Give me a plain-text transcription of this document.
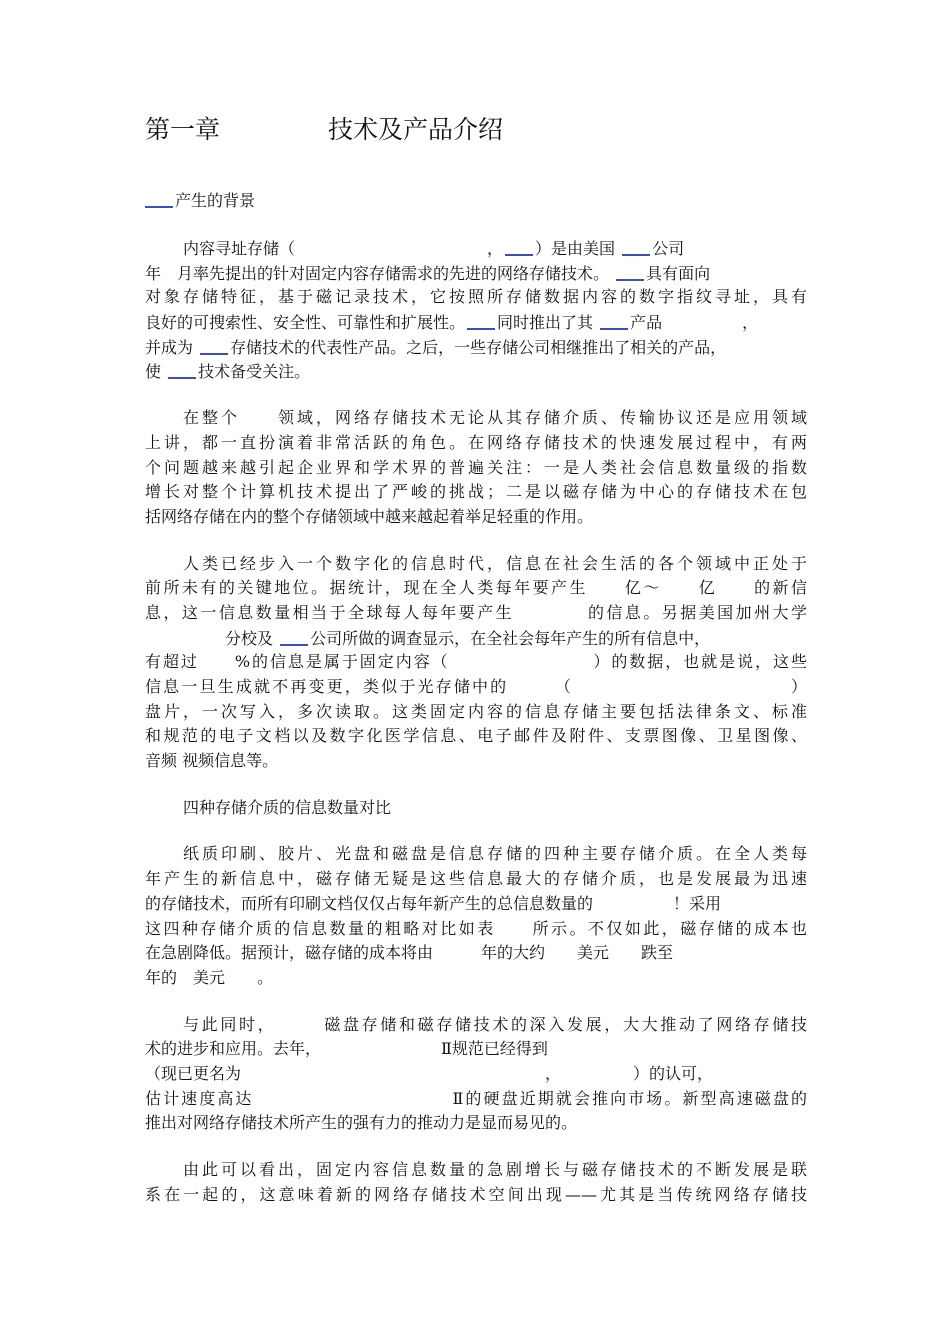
第一章 　　　　技术及产品介绍
产生的背景
内容寻址存储（　　　　　　　　　　　　， ）是由美国 公司
年　月率先提出的针对固定内容存储需求的先进的网络存储技术。 具有面向
对象存储特征，基于磁记录技术，它按照所存储数据内容的数字指纹寻址，具有
良好的可搜索性、安全性、可靠性和扩展性。 同时推出了其 产品　　　　　，
并成为 存储技术的代表性产品。之后，一些存储公司相继推出了相关的产品，
使 技术备受关注。
在整个　　领域，网络存储技术无论从其存储介质、传输协议还是应用领域
上讲，都一直扮演着非常活跃的角色。在网络存储技术的快速发展过程中，有两
个问题越来越引起企业界和学术界的普遍关注：一是人类社会信息数量级的指数
增长对整个计算机技术提出了严峻的挑战；二是以磁存储为中心的存储技术在包
括网络存储在内的整个存储领域中越来越起着举足轻重的作用。
人类已经步入一个数字化的信息时代，信息在社会生活的各个领域中正处于
前所未有的关键地位。据统计，现在全人类每年要产生　　亿～　　亿　　的新信
息，这一信息数量相当于全球每人每年要产生　　　　的信息。另据美国加州大学
　　　　　分校及 公司所做的调查显示，在全社会每年产生的所有信息中，
有超过　　%的信息是属于固定内容（　　　　　　　　）的数据，也就是说，这些
信息一旦生成就不再变更，类似于光存储中的　　　（　　　　　　　　　　　　）
盘片，一次写入，多次读取。这类固定内容的信息存储主要包括法律条文、标准
和规范的电子文档以及数字化医学信息、电子邮件及附件、支票图像、卫星图像、
音频 视频信息等。
四种存储介质的信息数量对比
纸质印刷、胶片、光盘和磁盘是信息存储的四种主要存储介质。在全人类每
年产生的新信息中，磁存储无疑是这些信息最大的存储介质，也是发展最为迅速
的存储技术，而所有印刷文档仅仅占每年新产生的总信息数量的　　　　　！采用
这四种存储介质的信息数量的粗略对比如表　　所示。不仅如此，磁存储的成本也
在急剧降低。据预计，磁存储的成本将由　　　年的大约　　美元　　跌至
年的　美元　　。
与此同时，　　　磁盘存储和磁存储技术的深入发展，大大推动了网络存储技
术的进步和应用。去年，　　　　　　　　Ⅱ规范已经得到
（现已更名为　　　　　　　　　　　　　　　　　　　，　　　　　）的认可，
估计速度高达　　　　　　　　　　　Ⅱ的硬盘近期就会推向市场。新型高速磁盘的
推出对网络存储技术所产生的强有力的推动力是显而易见的。
由此可以看出，固定内容信息数量的急剧增长与磁存储技术的不断发展是联
系在一起的，这意味着新的网络存储技术空间出现——尤其是当传统网络存储技
